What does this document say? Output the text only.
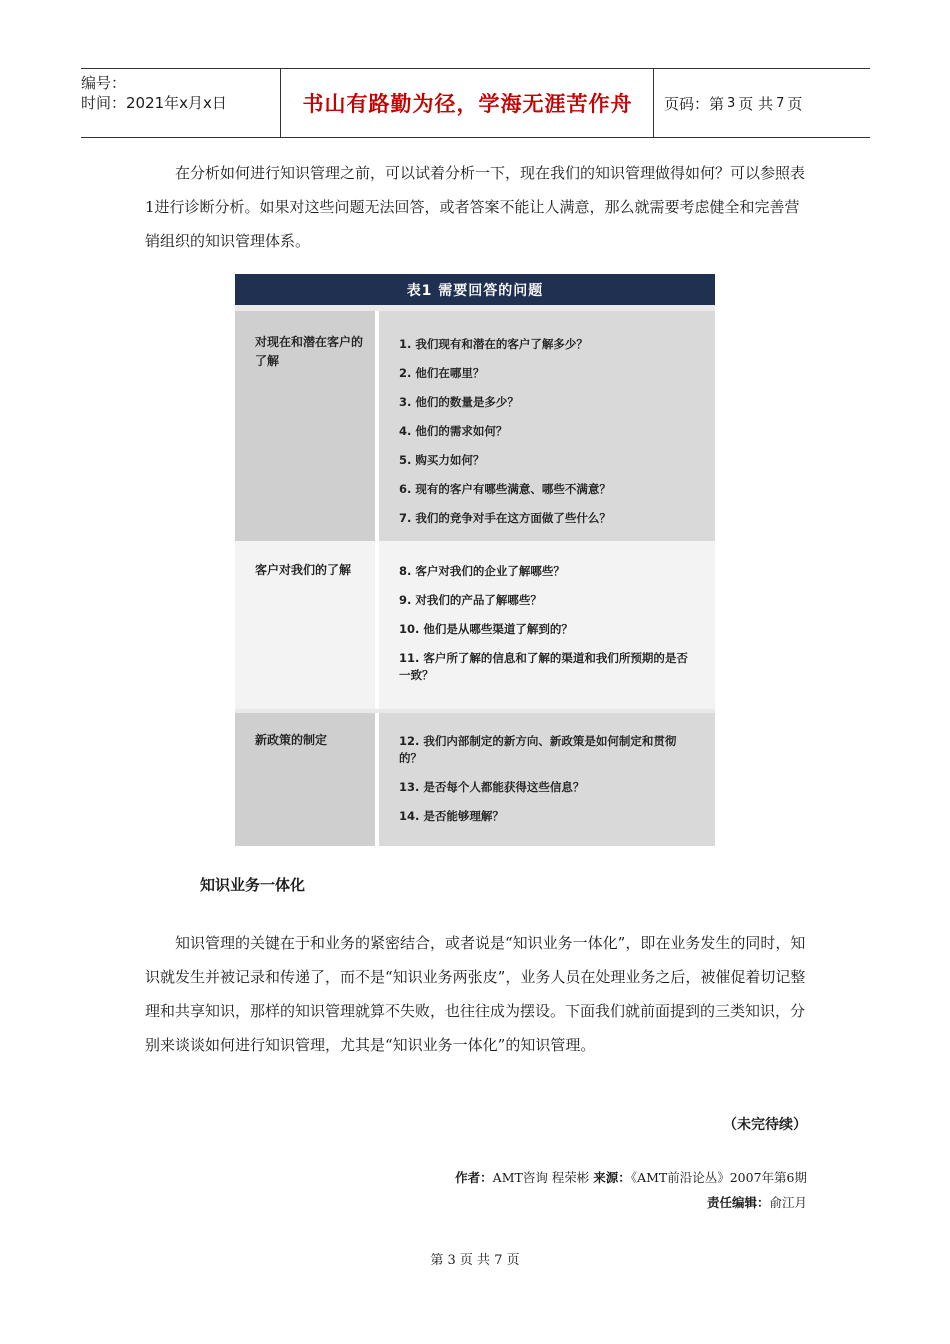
编号：
时间：2021年x月x日	书山有路勤为径，学海无涯苦作舟 页码：第 3 页 共 7 页

在分析如何进行知识管理之前，可以试着分析一下，现在我们的知识管理做得如何？可以参照表1进行诊断分析。如果对这些问题无法回答，或者答案不能让人满意，那么就需要考虑健全和完善营销组织的知识管理体系。

表1 需要回答的问题
对现在和潜在客户的了解
1. 我们现有和潜在的客户了解多少？
2. 他们在哪里？
3. 他们的数量是多少？
4. 他们的需求如何？
5. 购买力如何？
6. 现有的客户有哪些满意、哪些不满意？
7. 我们的竞争对手在这方面做了些什么？
客户对我们的了解	8. 客户对我们的企业了解哪些？
9. 对我们的产品了解哪些？
10. 他们是从哪些渠道了解到的？
11. 客户所了解的信息和了解的渠道和我们所预期的是否一致？
新政策的制定	12. 我们内部制定的新方向、新政策是如何制定和贯彻的？
13. 是否每个人都能获得这些信息？
14. 是否能够理解？
知识业务一体化

知识管理的关键在于和业务的紧密结合，或者说是“知识业务一体化”，即在业务发生的同时，知识就发生并被记录和传递了，而不是“知识业务两张皮”，业务人员在处理业务之后，被催促着切记整理和共享知识，那样的知识管理就算不失败，也往往成为摆设。下面我们就前面提到的三类知识，分别来谈谈如何进行知识管理，尤其是“知识业务一体化”的知识管理。

（未完待续）
作者：AMT咨询 程荣彬 来源：《AMT前沿论丛》2007年第6期
责任编辑：俞江月
第 3 页 共 7 页
